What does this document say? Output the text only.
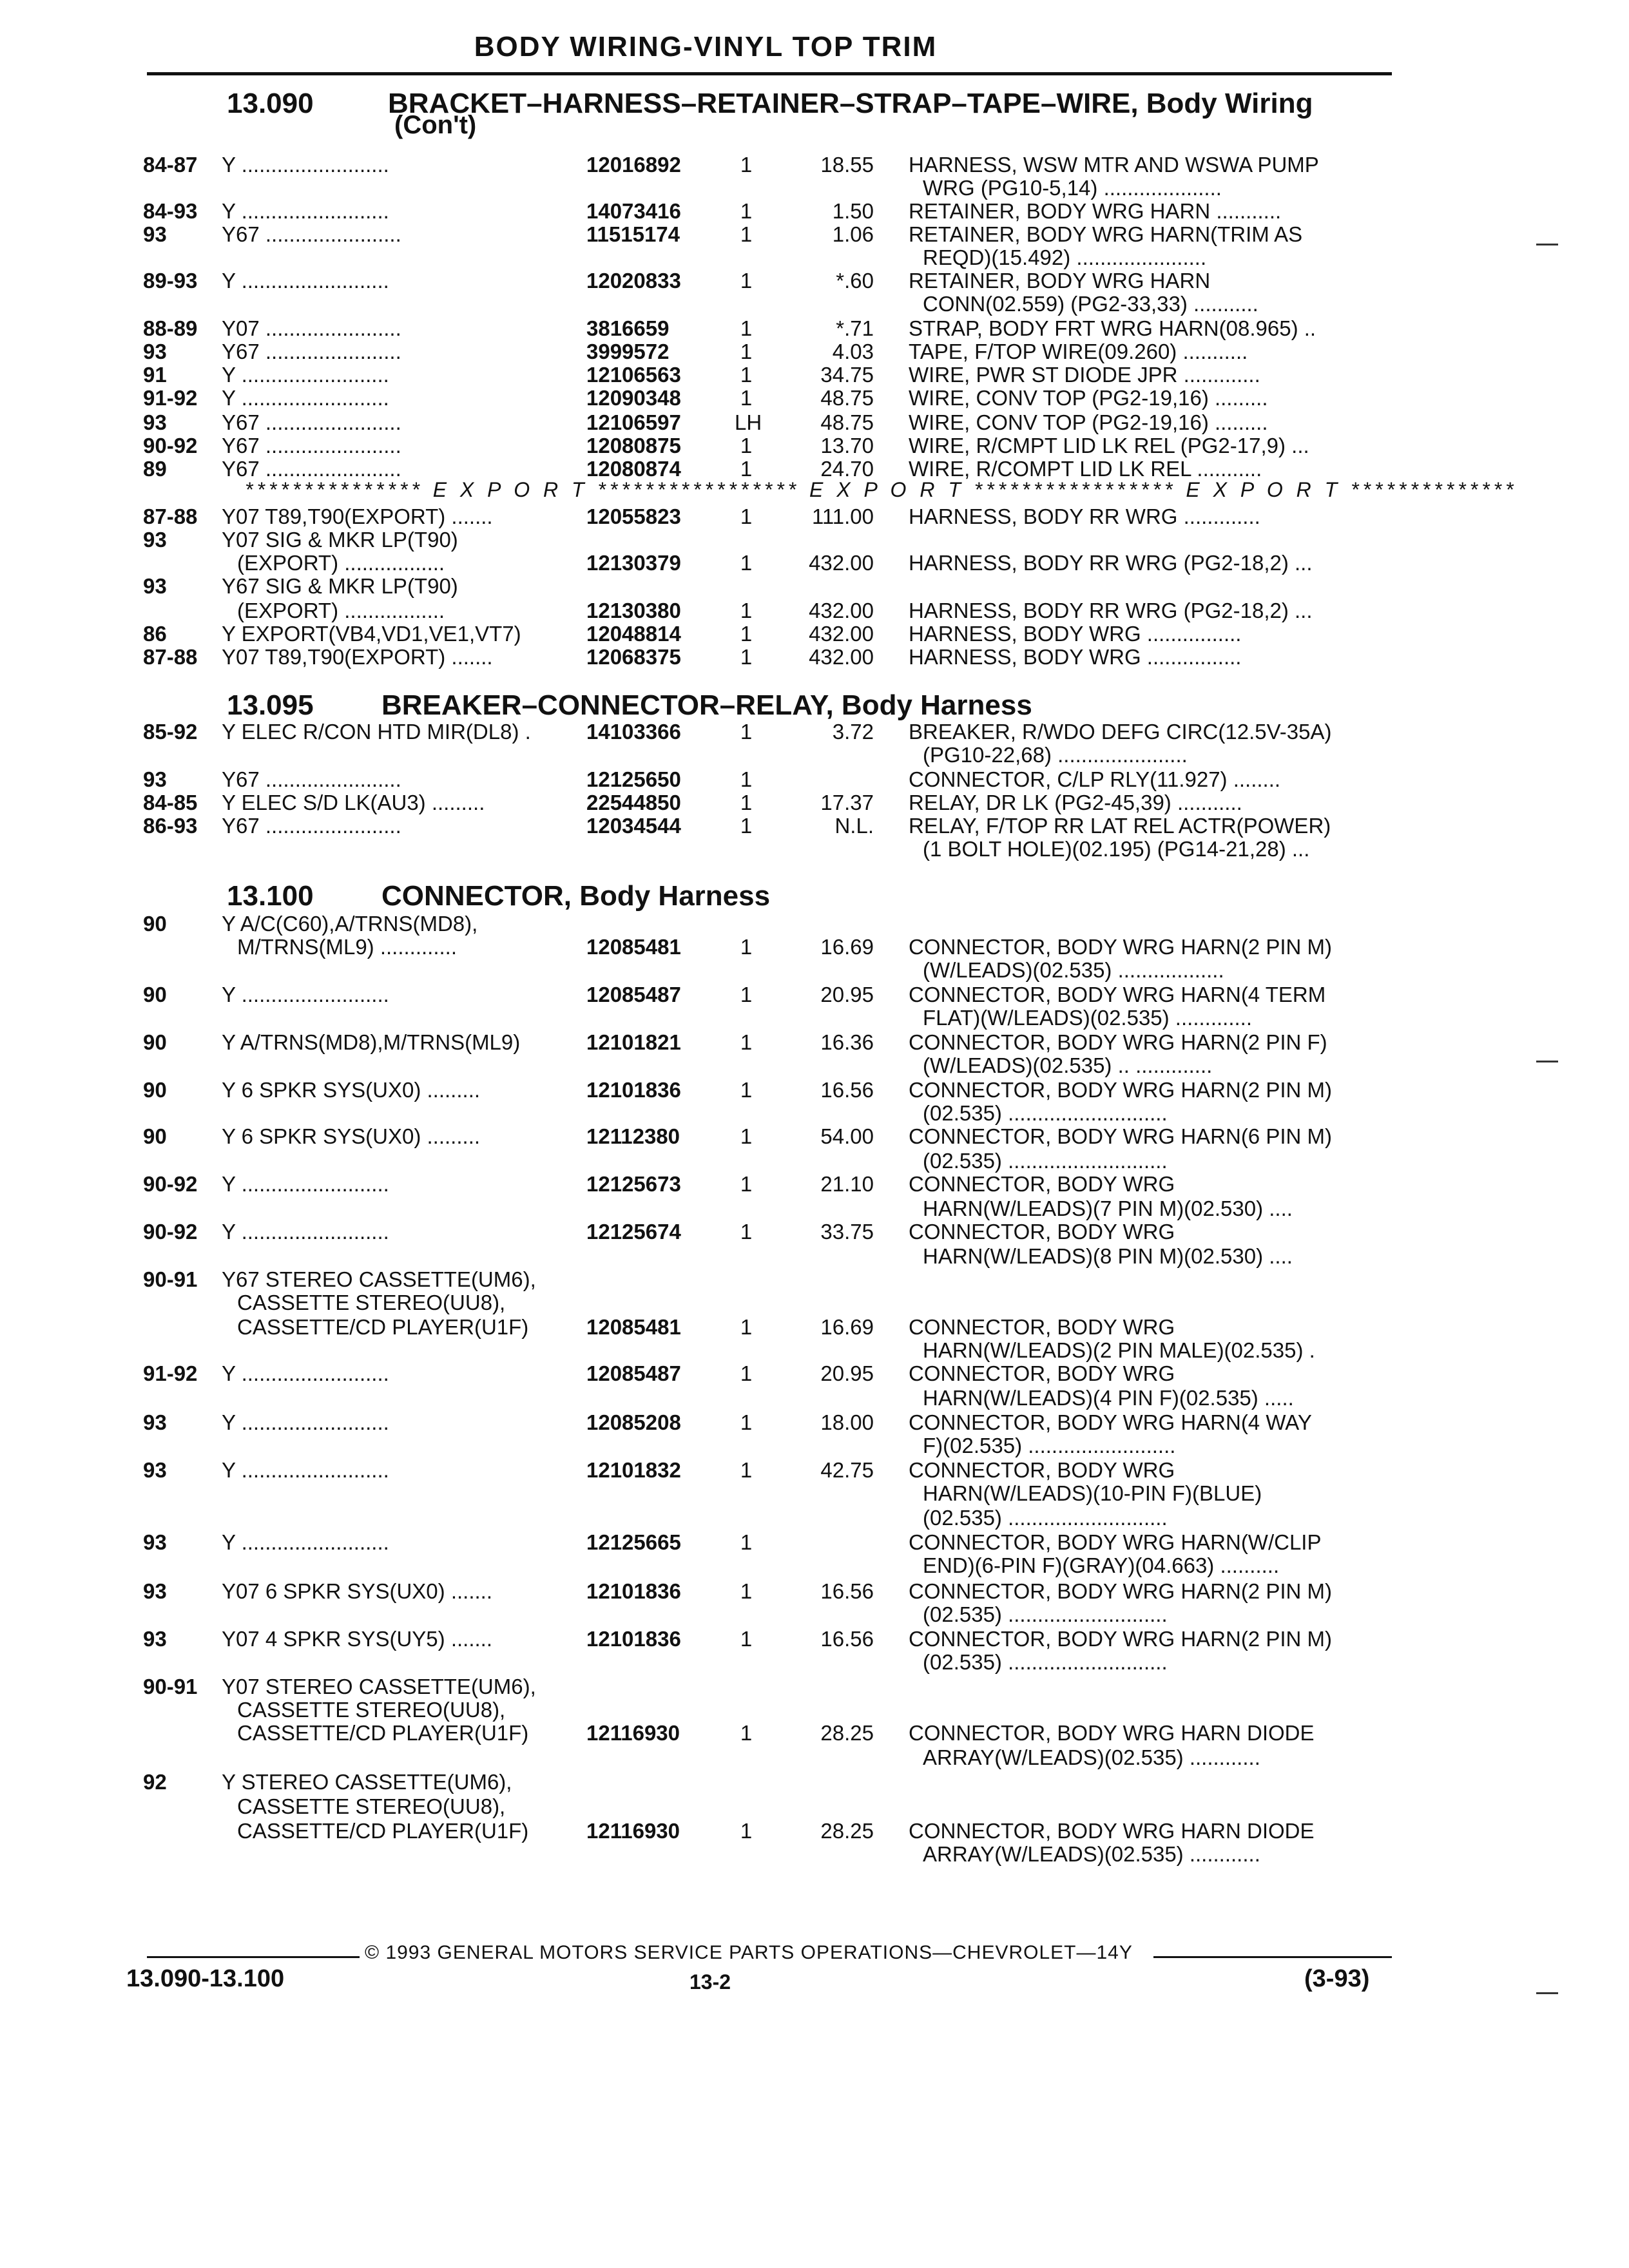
BODY WIRING-VINYL TOP TRIM
13.090	BRACKET–HARNESS–RETAINER–STRAP–TAPE–WIRE, Body Wiring
(Con't)
13.095 BREAKER–CONNECTOR–RELAY, Body Harness
13.100 CONNECTOR, Body Harness
84-87 Y .........................	12016892	1	18.55 HARNESS, WSW MTR AND WSWA PUMP
WRG (PG10-5,14) ....................
84-93 Y .........................	14073416	1	1.50 RETAINER, BODY WRG HARN ...........
93	Y67 .......................	11515174	1	1.06 RETAINER, BODY WRG HARN(TRIM AS
REQD)(15.492) ......................
89-93 Y .........................	12020833	1	*.60 RETAINER, BODY WRG HARN
CONN(02.559) (PG2-33,33) ...........
88-89 Y07 .......................	3816659	1	*.71 STRAP, BODY FRT WRG HARN(08.965) ..
93	Y67 .......................	3999572	1	4.03 TAPE, F/TOP WIRE(09.260) ...........
91	Y .........................	12106563	1	34.75 WIRE, PWR ST DIODE JPR .............
91-92 Y .........................	12090348	1	48.75 WIRE, CONV TOP (PG2-19,16) .........
93	Y67 .......................	12106597	LH	48.75 WIRE, CONV TOP (PG2-19,16) .........
90-92 Y67 .......................	12080875	1	13.70 WIRE, R/CMPT LID LK REL (PG2-17,9) ...
89	Y67 .......................	12080874	1	24.70 WIRE, R/COMPT LID LK REL ...........
*************** E X P O R T ***************** E X P O R T ***************** E X P O R T **************
87-88 Y07 T89,T90(EXPORT) .......	12055823	1	111.00 HARNESS, BODY RR WRG .............
93	Y07 SIG & MKR LP(T90)
(EXPORT) .................	12130379	1	432.00 HARNESS, BODY RR WRG (PG2-18,2) ...
93	Y67 SIG & MKR LP(T90)
(EXPORT) .................	12130380	1	432.00 HARNESS, BODY RR WRG (PG2-18,2) ...
86	Y EXPORT(VB4,VD1,VE1,VT7)	12048814	1	432.00 HARNESS, BODY WRG ................
87-88 Y07 T89,T90(EXPORT) .......	12068375	1	432.00 HARNESS, BODY WRG ................
85-92 Y ELEC R/CON HTD MIR(DL8) .	14103366	1	3.72 BREAKER, R/WDO DEFG CIRC(12.5V-35A)
(PG10-22,68) ......................
93	Y67 .......................	12125650	1	CONNECTOR, C/LP RLY(11.927) ........
84-85 Y ELEC S/D LK(AU3) .........	22544850	1	17.37 RELAY, DR LK (PG2-45,39) ...........
86-93 Y67 .......................	12034544	1	N.L. RELAY, F/TOP RR LAT REL ACTR(POWER)
(1 BOLT HOLE)(02.195) (PG14-21,28) ...
90	Y A/C(C60),A/TRNS(MD8),
M/TRNS(ML9) .............	12085481	1	16.69 CONNECTOR, BODY WRG HARN(2 PIN M)
(W/LEADS)(02.535) ..................
90	Y .........................	12085487	1	20.95 CONNECTOR, BODY WRG HARN(4 TERM
FLAT)(W/LEADS)(02.535) .............
90	Y A/TRNS(MD8),M/TRNS(ML9)	12101821	1	16.36 CONNECTOR, BODY WRG HARN(2 PIN F)
(W/LEADS)(02.535) .. .............
90	Y 6 SPKR SYS(UX0) .........	12101836	1	16.56 CONNECTOR, BODY WRG HARN(2 PIN M)
(02.535) ...........................
90	Y 6 SPKR SYS(UX0) .........	12112380	1	54.00 CONNECTOR, BODY WRG HARN(6 PIN M)
(02.535) ...........................
90-92 Y .........................	12125673	1	21.10 CONNECTOR, BODY WRG
HARN(W/LEADS)(7 PIN M)(02.530) ....
90-92 Y .........................	12125674	1	33.75 CONNECTOR, BODY WRG
HARN(W/LEADS)(8 PIN M)(02.530) ....
90-91 Y67 STEREO CASSETTE(UM6),
CASSETTE STEREO(UU8),
CASSETTE/CD PLAYER(U1F)	12085481	1	16.69 CONNECTOR, BODY WRG
HARN(W/LEADS)(2 PIN MALE)(02.535) .
91-92 Y .........................	12085487	1	20.95 CONNECTOR, BODY WRG
HARN(W/LEADS)(4 PIN F)(02.535) .....
93	Y .........................	12085208	1	18.00 CONNECTOR, BODY WRG HARN(4 WAY
F)(02.535) .........................
93	Y .........................	12101832	1	42.75 CONNECTOR, BODY WRG
HARN(W/LEADS)(10-PIN F)(BLUE)
(02.535) ...........................
93	Y .........................	12125665	1	CONNECTOR, BODY WRG HARN(W/CLIP
END)(6-PIN F)(GRAY)(04.663) ..........
93	Y07 6 SPKR SYS(UX0) .......	12101836	1	16.56 CONNECTOR, BODY WRG HARN(2 PIN M)
(02.535) ...........................
93	Y07 4 SPKR SYS(UY5) .......	12101836	1	16.56 CONNECTOR, BODY WRG HARN(2 PIN M)
(02.535) ...........................
90-91 Y07 STEREO CASSETTE(UM6),
CASSETTE STEREO(UU8),
CASSETTE/CD PLAYER(U1F)	12116930	1	28.25 CONNECTOR, BODY WRG HARN DIODE
ARRAY(W/LEADS)(02.535) ............
92	Y STEREO CASSETTE(UM6),
CASSETTE STEREO(UU8),
CASSETTE/CD PLAYER(U1F)	12116930	1	28.25 CONNECTOR, BODY WRG HARN DIODE
ARRAY(W/LEADS)(02.535) ............
© 1993 GENERAL MOTORS SERVICE PARTS OPERATIONS—CHEVROLET—14Y
13.090-13.100	13-2	(3-93)
